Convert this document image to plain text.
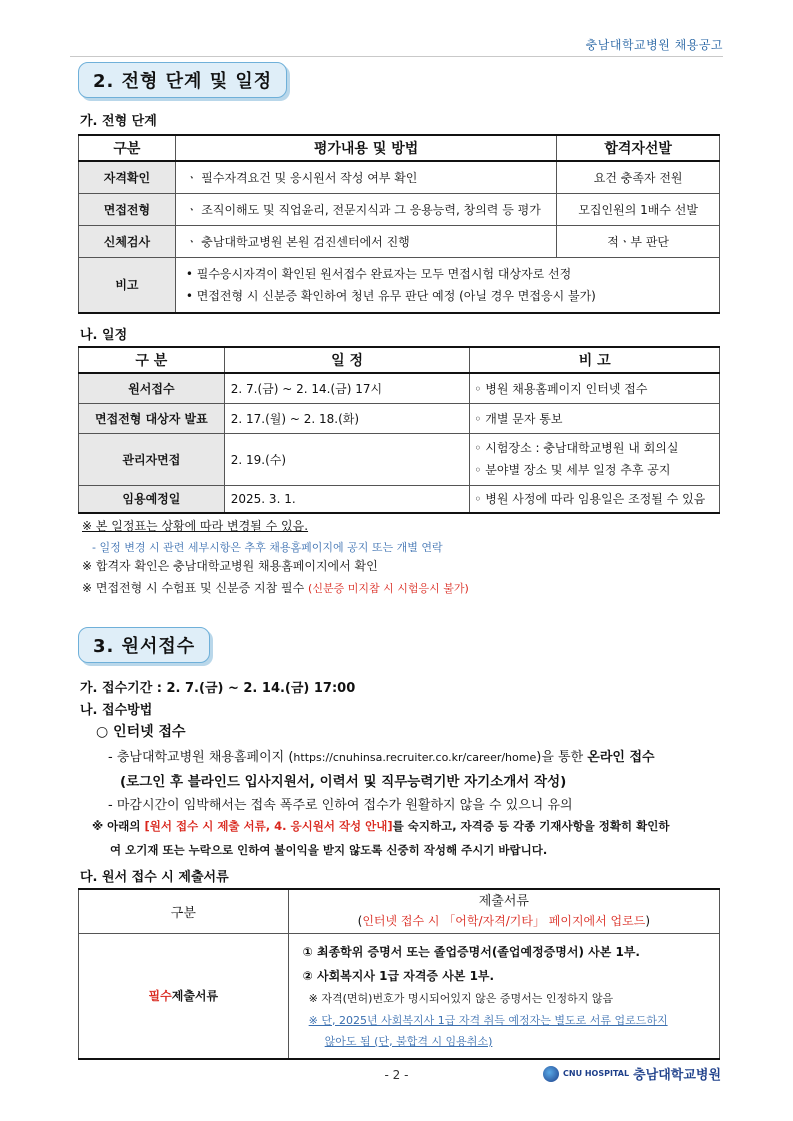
충남대학교병원 채용공고
2. 전형 단계 및 일정
가. 전형 단계
구분	평가내용 및 방법	합격자선발
자격확인	ㆍ 필수자격요건 및 응시원서 작성 여부 확인	요건 충족자 전원
면접전형	ㆍ 조직이해도 및 직업윤리, 전문지식과 그 응용능력, 창의력 등 평가	모집인원의 1배수 선발
신체검사	ㆍ 충남대학교병원 본원 검진센터에서 진행	적ㆍ부 판단
비고	• 필수응시자격이 확인된 원서접수 완료자는 모두 면접시험 대상자로 선정
• 면접전형 시 신분증 확인하여 청년 유무 판단 예정 (아닐 경우 면접응시 불가)	
나. 일정
구 분	일 정	비 고
원서접수	2. 7.(금) ~ 2. 14.(금) 17시	◦ 병원 채용홈페이지 인터넷 접수
면접전형 대상자 발표	2. 17.(월) ~ 2. 18.(화)	◦ 개별 문자 통보
관리자면접	2. 19.(수)	◦ 시험장소 : 충남대학교병원 내 회의실
◦ 분야별 장소 및 세부 일정 추후 공지

임용예정일	2025. 3. 1.	◦ 병원 사정에 따라 임용일은 조정될 수 있음
※ 본 일정표는 상황에 따라 변경될 수 있음.
- 일정 변경 시 관련 세부시항은 추후 채용홈페이지에 공지 또는 개별 연락
※ 합격자 확인은 충남대학교병원 채용홈페이지에서 확인
※ 면접전형 시 수험표 및 신분증 지참 필수 (신분증 미지참 시 시험응시 불가)
3. 원서접수
가. 접수기간 : 2. 7.(금) ~ 2. 14.(금) 17:00
나. 접수방법
○ 인터넷 접수
- 충남대학교병원 채용홈페이지 (https://cnuhinsa.recruiter.co.kr/career/home)을 통한 온라인 접수
(로그인 후 블라인드 입사지원서, 이력서 및 직무능력기반 자기소개서 작성)
- 마감시간이 임박해서는 접속 폭주로 인하여 접수가 원활하지 않을 수 있으니 유의
※ 아래의 [원서 접수 시 제출 서류, 4. 응시원서 작성 안내]를 숙지하고, 자격증 등 각종 기재사항을 정확히 확인하
여 오기재 또는 누락으로 인하여 불이익을 받지 않도록 신중히 작성해 주시기 바랍니다.
다. 원서 접수 시 제출서류
구분	제출서류
(인터넷 접수 시 「어학/자격/기타」 페이지에서 업로드)

필수제출서류	① 최종학위 증명서 또는 졸업증명서(졸업예정증명서) 사본 1부.
② 사회복지사 1급 자격증 사본 1부.
※ 자격(면허)번호가 명시되어있지 않은 증명서는 인정하지 않음
※ 단, 2025년 사회복지사 1급 자격 취득 예정자는 별도로 서류 업로드하지
않아도 됨 (단, 불합격 시 임용취소)
- 2 -	CNU HOSPITAL 충남대학교병원
